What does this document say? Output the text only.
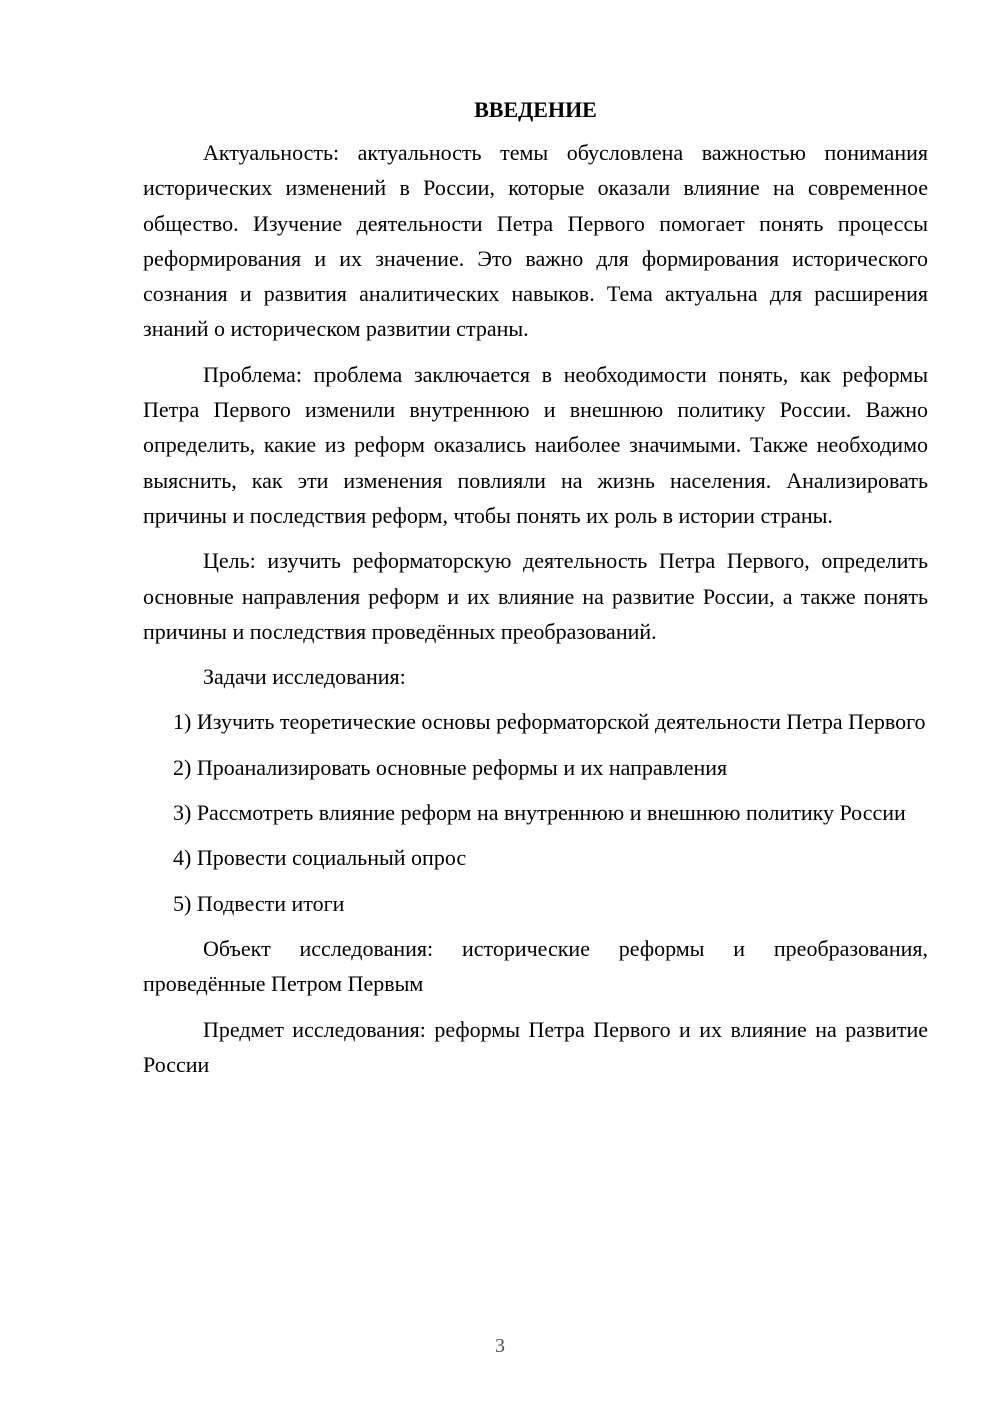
ВВЕДЕНИЕ

Актуальность: актуальность темы обусловлена важностью понимания исторических изменений в России, которые оказали влияние на современное общество. Изучение деятельности Петра Первого помогает понять процессы реформирования и их значение. Это важно для формирования исторического сознания и развития аналитических навыков. Тема актуальна для расширения знаний о историческом развитии страны.

Проблема: проблема заключается в необходимости понять, как реформы Петра Первого изменили внутреннюю и внешнюю политику России. Важно определить, какие из реформ оказались наиболее значимыми. Также необходимо выяснить, как эти изменения повлияли на жизнь населения. Анализировать причины и последствия реформ, чтобы понять их роль в истории страны.

Цель: изучить реформаторскую деятельность Петра Первого, определить основные направления реформ и их влияние на развитие России, а также понять причины и последствия проведённых преобразований.

Задачи исследования:

1) Изучить теоретические основы реформаторской деятельности Петра Первого

2) Проанализировать основные реформы и их направления

3) Рассмотреть влияние реформ на внутреннюю и внешнюю политику России

4) Провести социальный опрос

5) Подвести итоги

Объект исследования: исторические реформы и преобразования, проведённые Петром Первым

Предмет исследования: реформы Петра Первого и их влияние на развитие России

3
